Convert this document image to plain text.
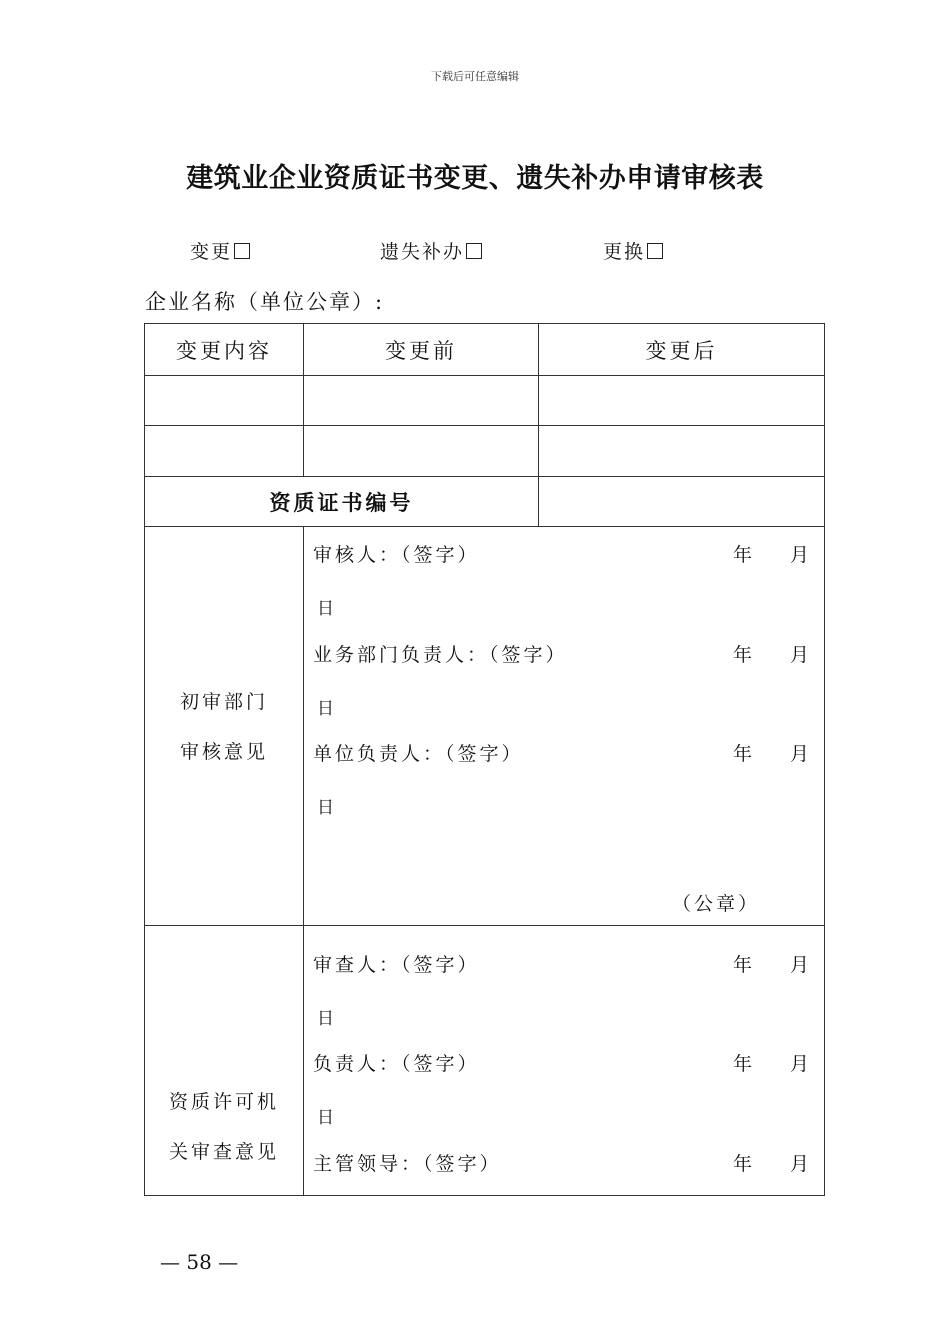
下载后可任意编辑
建筑业企业资质证书变更、遗失补办申请审核表
变更	遗失补办	更换
企业名称（单位公章）:
变更内容	变更前	变更后
资质证书编号
初审部门
审核意见
审核人：（签字）	年 月
日
业务部门负责人：（签字）	年 月
日
单位负责人：（签字）	年 月
日
（公章）
资质许可机
关审查意见
审查人：（签字）	年 月
日
负责人：（签字）	年 月
日
主管领导：（签字）	年 月
— 58 —
